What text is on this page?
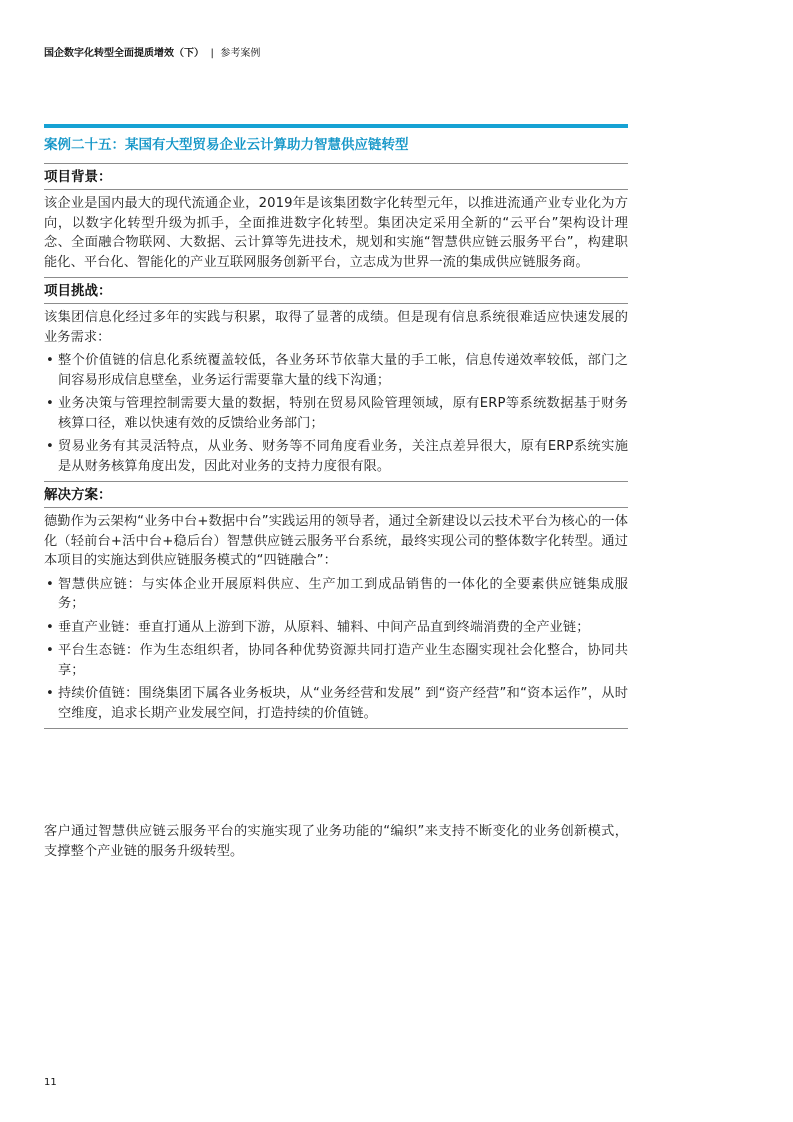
国企数字化转型全面提质增效（下） | 参考案例
案例二十五：某国有大型贸易企业云计算助力智慧供应链转型
项目背景：

该企业是国内最大的现代流通企业，2019年是该集团数字化转型元年，以推进流通产业专业化为方向，以数字化转型升级为抓手，全面推进数字化转型。集团决定采用全新的“云平台”架构设计理念、全面融合物联网、大数据、云计算等先进技术，规划和实施“智慧供应链云服务平台”，构建职能化、平台化、智能化的产业互联网服务创新平台，立志成为世界一流的集成供应链服务商。

项目挑战：

该集团信息化经过多年的实践与积累，取得了显著的成绩。但是现有信息系统很难适应快速发展的业务需求：

• 整个价值链的信息化系统覆盖较低，各业务环节依靠大量的手工帐，信息传递效率较低，部门之间容易形成信息壁垒，业务运行需要靠大量的线下沟通；
• 业务决策与管理控制需要大量的数据，特别在贸易风险管理领域，原有ERP等系统数据基于财务核算口径，难以快速有效的反馈给业务部门；
• 贸易业务有其灵活特点，从业务、财务等不同角度看业务，关注点差异很大，原有ERP系统实施是从财务核算角度出发，因此对业务的支持力度很有限。
解决方案：

德勤作为云架构“业务中台+数据中台”实践运用的领导者，通过全新建设以云技术平台为核心的一体化（轻前台+活中台+稳后台）智慧供应链云服务平台系统，最终实现公司的整体数字化转型。通过本项目的实施达到供应链服务模式的“四链融合”：

• 智慧供应链：与实体企业开展原料供应、生产加工到成品销售的一体化的全要素供应链集成服务；
• 垂直产业链：垂直打通从上游到下游，从原料、辅料、中间产品直到终端消费的全产业链；
• 平台生态链：作为生态组织者，协同各种优势资源共同打造产业生态圈实现社会化整合，协同共享；
• 持续价值链：围绕集团下属各业务板块，从“业务经营和发展” 到“资产经营”和“资本运作”，从时空维度，追求长期产业发展空间，打造持续的价值链。

客户通过智慧供应链云服务平台的实施实现了业务功能的“编织”来支持不断变化的业务创新模式，支撑整个产业链的服务升级转型。

11
